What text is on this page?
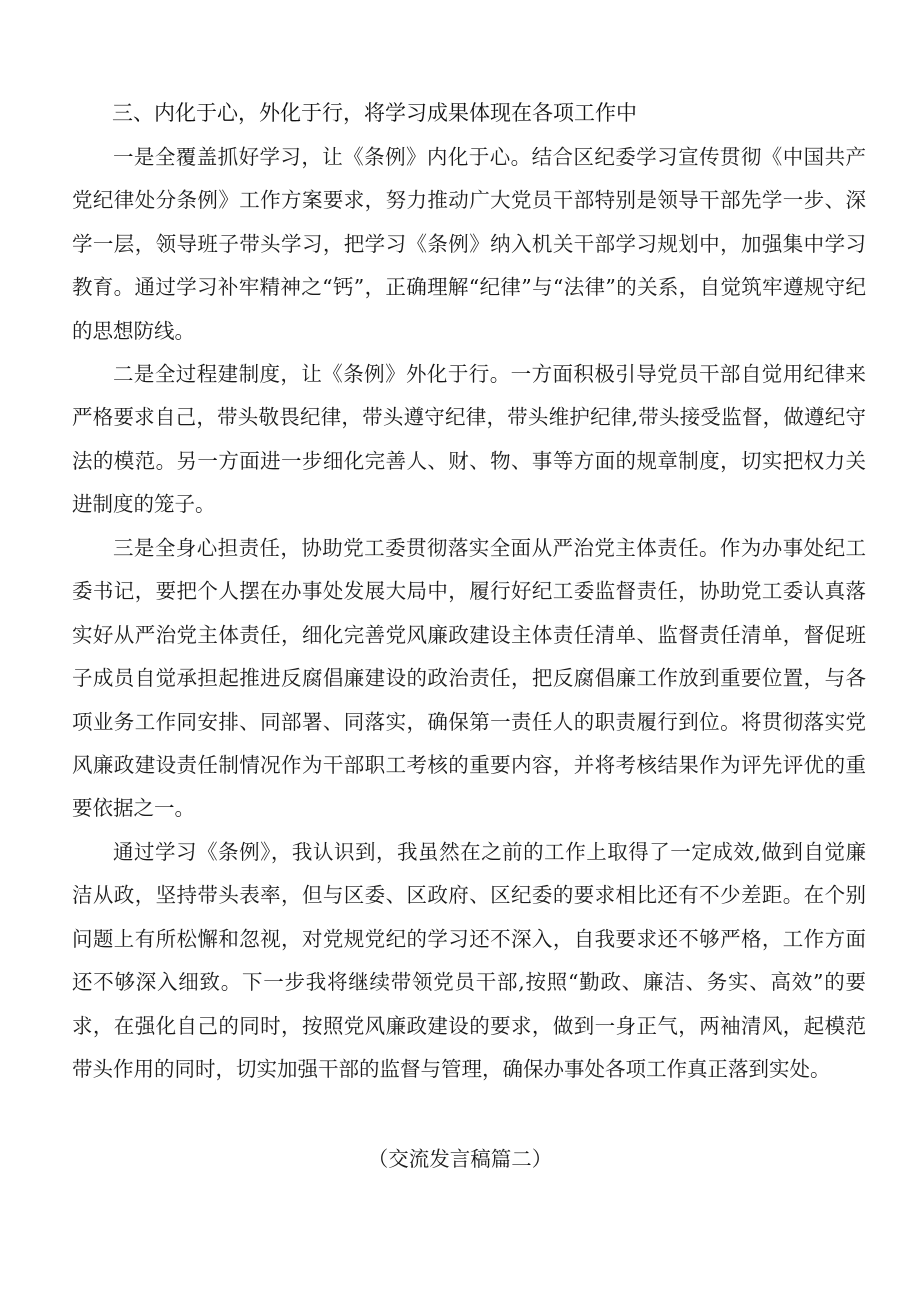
三、内化于心，外化于行，将学习成果体现在各项工作中

一是全覆盖抓好学习，让《条例》内化于心。结合区纪委学习宣传贯彻《中国共产党纪律处分条例》工作方案要求，努力推动广大党员干部特别是领导干部先学一步、深学一层，领导班子带头学习，把学习《条例》纳入机关干部学习规划中，加强集中学习教育。通过学习补牢精神之“钙”，正确理解“纪律”与“法律”的关系，自觉筑牢遵规守纪的思想防线。

二是全过程建制度，让《条例》外化于行。一方面积极引导党员干部自觉用纪律来严格要求自己，带头敬畏纪律，带头遵守纪律，带头维护纪律,带头接受监督，做遵纪守法的模范。另一方面进一步细化完善人、财、物、事等方面的规章制度，切实把权力关进制度的笼子。

三是全身心担责任，协助党工委贯彻落实全面从严治党主体责任。作为办事处纪工委书记，要把个人摆在办事处发展大局中，履行好纪工委监督责任，协助党工委认真落实好从严治党主体责任，细化完善党风廉政建设主体责任清单、监督责任清单，督促班子成员自觉承担起推进反腐倡廉建设的政治责任，把反腐倡廉工作放到重要位置，与各项业务工作同安排、同部署、同落实，确保第一责任人的职责履行到位。将贯彻落实党风廉政建设责任制情况作为干部职工考核的重要内容，并将考核结果作为评先评优的重要依据之一。

通过学习《条例》，我认识到，我虽然在之前的工作上取得了一定成效,做到自觉廉洁从政，坚持带头表率，但与区委、区政府、区纪委的要求相比还有不少差距。在个别问题上有所松懈和忽视，对党规党纪的学习还不深入，自我要求还不够严格，工作方面还不够深入细致。下一步我将继续带领党员干部,按照“勤政、廉洁、务实、高效”的要求，在强化自己的同时，按照党风廉政建设的要求，做到一身正气，两袖清风，起模范带头作用的同时，切实加强干部的监督与管理，确保办事处各项工作真正落到实处。

（交流发言稿篇二）
